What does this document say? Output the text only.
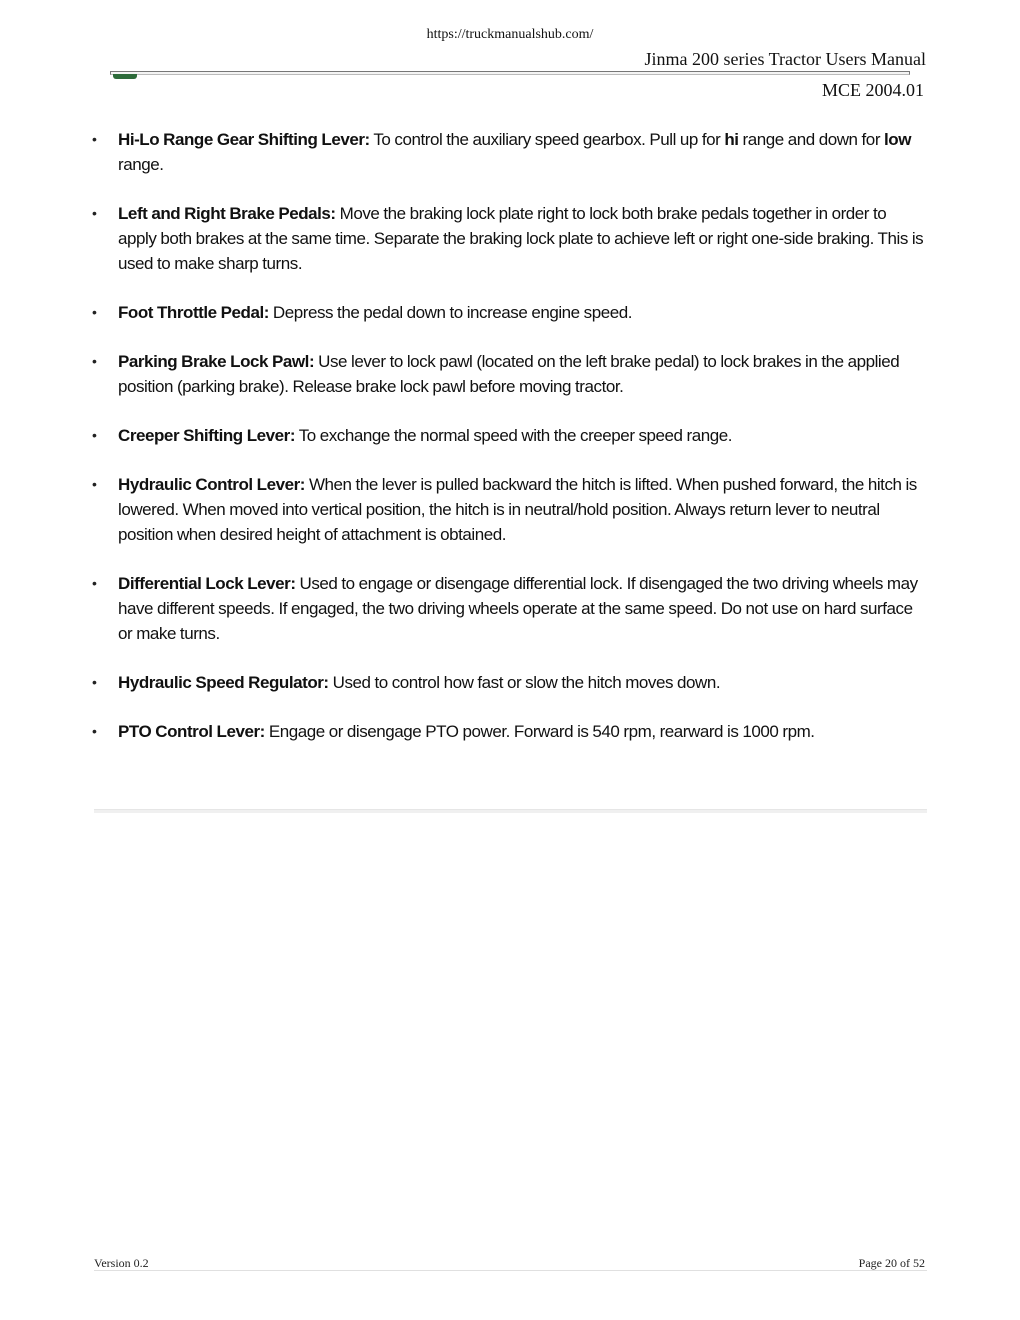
https://truckmanualshub.com/
Jinma 200 series Tractor Users Manual
MCE 2004.01
• Hi-Lo Range Gear Shifting Lever: To control the auxiliary speed gearbox. Pull up for hi range and down for low range.
• Left and Right Brake Pedals: Move the braking lock plate right to lock both brake pedals together in order to apply both brakes at the same time. Separate the braking lock plate to achieve left or right one-side braking. This is used to make sharp turns.
• Foot Throttle Pedal: Depress the pedal down to increase engine speed.
• Parking Brake Lock Pawl: Use lever to lock pawl (located on the left brake pedal) to lock brakes in the applied position (parking brake). Release brake lock pawl before moving tractor.
• Creeper Shifting Lever: To exchange the normal speed with the creeper speed range.
• Hydraulic Control Lever: When the lever is pulled backward the hitch is lifted. When pushed forward, the hitch is lowered. When moved into vertical position, the hitch is in neutral/hold position. Always return lever to neutral position when desired height of attachment is obtained.
• Differential Lock Lever: Used to engage or disengage differential lock. If disengaged the two driving wheels may have different speeds. If engaged, the two driving wheels operate at the same speed. Do not use on hard surface or make turns.
• Hydraulic Speed Regulator: Used to control how fast or slow the hitch moves down.
• PTO Control Lever: Engage or disengage PTO power. Forward is 540 rpm, rearward is 1000 rpm.
Version 0.2	Page 20 of 52
